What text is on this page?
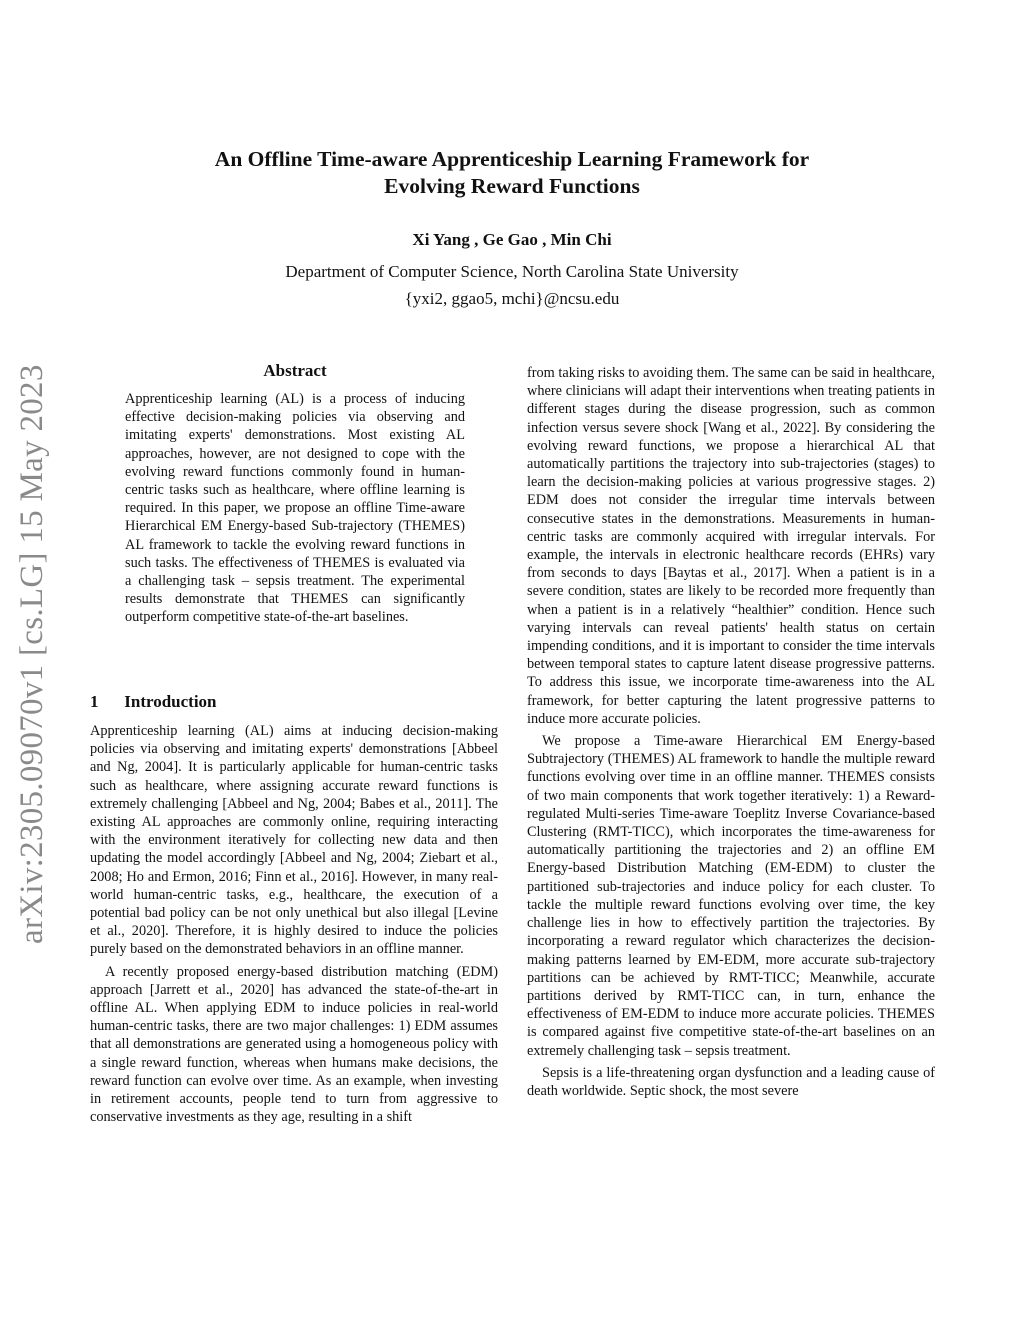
An Offline Time-aware Apprenticeship Learning Framework for
Evolving Reward Functions
Xi Yang , Ge Gao , Min Chi
Department of Computer Science, North Carolina State University
{yxi2, ggao5, mchi}@ncsu.edu
arXiv:2305.09070v1 [cs.LG] 15 May 2023	Abstract
Apprenticeship learning (AL) is a process of inducing effective decision-making policies via observing and imitating experts' demonstrations. Most existing AL approaches, however, are not designed to cope with the evolving reward functions commonly found in human-centric tasks such as healthcare, where offline learning is required. In this paper, we propose an offline Time-aware Hierarchical EM Energy-based Sub-trajectory (THEMES) AL framework to tackle the evolving reward functions in such tasks. The effectiveness of THEMES is evaluated via a challenging task – sepsis treatment. The experimental results demonstrate that THEMES can significantly outperform competitive state-of-the-art baselines.
1 Introduction

Apprenticeship learning (AL) aims at inducing decision-making policies via observing and imitating experts' demonstrations [Abbeel and Ng, 2004]. It is particularly applicable for human-centric tasks such as healthcare, where assigning accurate reward functions is extremely challenging [Abbeel and Ng, 2004; Babes et al., 2011]. The existing AL approaches are commonly online, requiring interacting with the environment iteratively for collecting new data and then updating the model accordingly [Abbeel and Ng, 2004; Ziebart et al., 2008; Ho and Ermon, 2016; Finn et al., 2016]. However, in many real-world human-centric tasks, e.g., healthcare, the execution of a potential bad policy can be not only unethical but also illegal [Levine et al., 2020]. Therefore, it is highly desired to induce the policies purely based on the demonstrated behaviors in an offline manner.

A recently proposed energy-based distribution matching (EDM) approach [Jarrett et al., 2020] has advanced the state-of-the-art in offline AL. When applying EDM to induce policies in real-world human-centric tasks, there are two major challenges: 1) EDM assumes that all demonstrations are generated using a homogeneous policy with a single reward function, whereas when humans make decisions, the reward function can evolve over time. As an example, when investing in retirement accounts, people tend to turn from aggressive to conservative investments as they age, resulting in a shift

from taking risks to avoiding them. The same can be said in healthcare, where clinicians will adapt their interventions when treating patients in different stages during the disease progression, such as common infection versus severe shock [Wang et al., 2022]. By considering the evolving reward functions, we propose a hierarchical AL that automatically partitions the trajectory into sub-trajectories (stages) to learn the decision-making policies at various progressive stages. 2) EDM does not consider the irregular time intervals between consecutive states in the demonstrations. Measurements in human-centric tasks are commonly acquired with irregular intervals. For example, the intervals in electronic healthcare records (EHRs) vary from seconds to days [Baytas et al., 2017]. When a patient is in a severe condition, states are likely to be recorded more frequently than when a patient is in a relatively “healthier” condition. Hence such varying intervals can reveal patients' health status on certain impending conditions, and it is important to consider the time intervals between temporal states to capture latent disease progressive patterns. To address this issue, we incorporate time-awareness into the AL framework, for better capturing the latent progressive patterns to induce more accurate policies.

We propose a Time-aware Hierarchical EM Energy-based Subtrajectory (THEMES) AL framework to handle the multiple reward functions evolving over time in an offline manner. THEMES consists of two main components that work together iteratively: 1) a Reward-regulated Multi-series Time-aware Toeplitz Inverse Covariance-based Clustering (RMT-TICC), which incorporates the time-awareness for automatically partitioning the trajectories and 2) an offline EM Energy-based Distribution Matching (EM-EDM) to cluster the partitioned sub-trajectories and induce policy for each cluster. To tackle the multiple reward functions evolving over time, the key challenge lies in how to effectively partition the trajectories. By incorporating a reward regulator which characterizes the decision-making patterns learned by EM-EDM, more accurate sub-trajectory partitions can be achieved by RMT-TICC; Meanwhile, accurate partitions derived by RMT-TICC can, in turn, enhance the effectiveness of EM-EDM to induce more accurate policies. THEMES is compared against five competitive state-of-the-art baselines on an extremely challenging task – sepsis treatment.

Sepsis is a life-threatening organ dysfunction and a leading cause of death worldwide. Septic shock, the most severe
